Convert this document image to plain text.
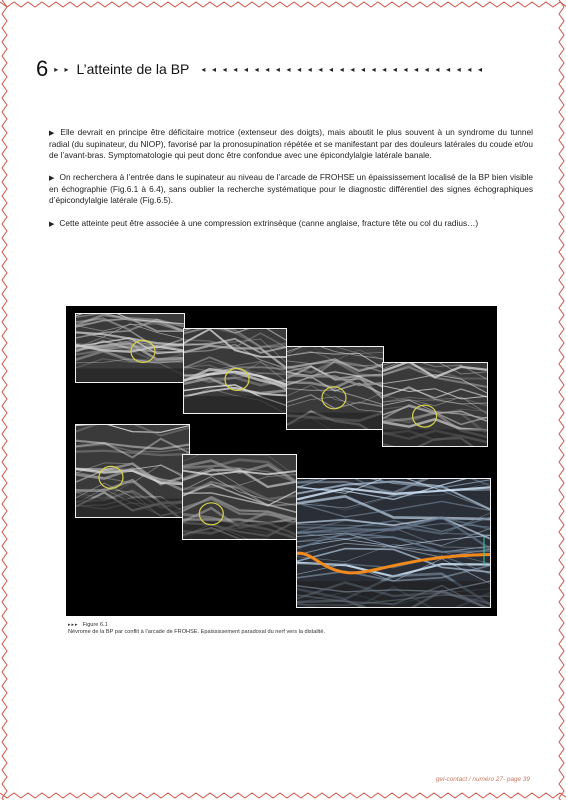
6 ▸ ▸ L’atteinte de la BP ◂ ◂ ◂ ◂ ◂ ◂ ◂ ◂ ◂ ◂ ◂ ◂ ◂ ◂ ◂ ◂ ◂ ◂ ◂ ◂ ◂ ◂ ◂ ◂ ◂ ◂ ◂

▶ Elle devrait en principe être déficitaire motrice (extenseur des doigts), mais aboutit le plus souvent à un syndrome du tunnel radial (du supinateur, du NIOP), favorisé par la pronosupination répétée et se manifestant par des douleurs latérales du coude et/ou de l’avant-bras. Symptomatologie qui peut donc être confondue avec une épicondylalgie latérale banale.

▶ On recherchera à l’entrée dans le supinateur au niveau de l’arcade de FROHSE un épaississement localisé de la BP bien visible en échographie (Fig.6.1 à 6.4), sans oublier la recherche systématique pour le diagnostic différentiel des signes échographiques d’épicondylalgie latérale (Fig.6.5).

▶ Cette atteinte peut être associée à une compression extrinsèque (canne anglaise, fracture tête ou col du radius…)

▸▸▸ Figure 6.1
Névrome de la BP par conflit à l’arcade de FROHSE. Epaississement paradoxal du nerf vers la distalité.
gel-contact / numéro 27- page 39
